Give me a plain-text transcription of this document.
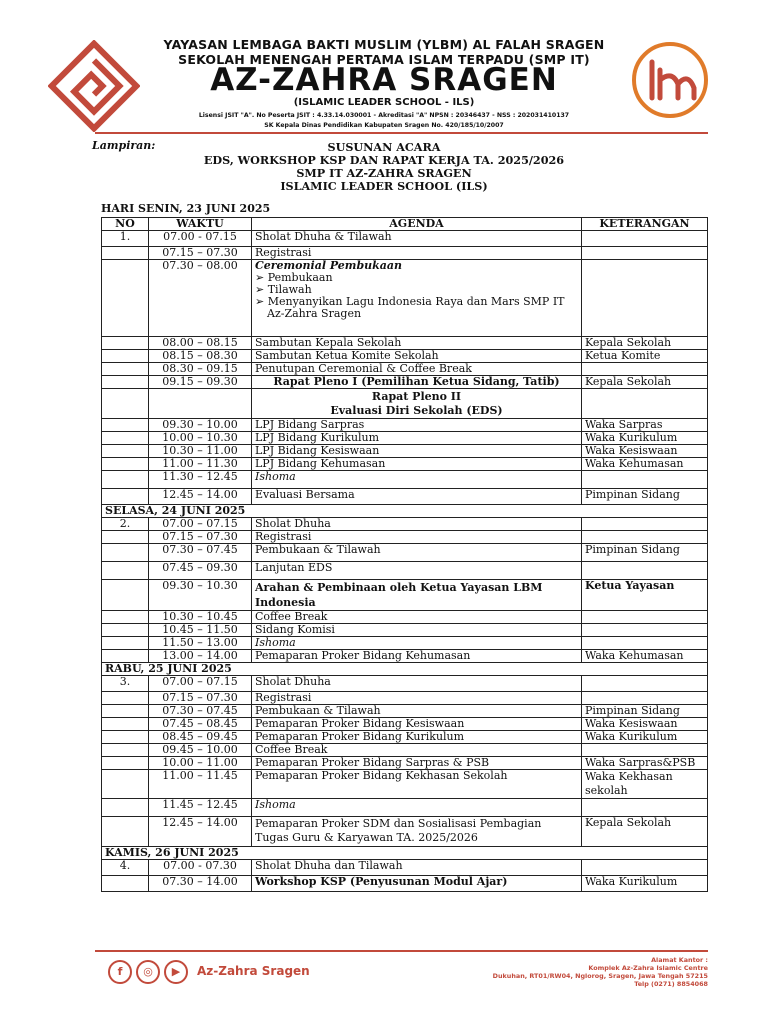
YAYASAN LEMBAGA BAKTI MUSLIM (YLBM) AL FALAH SRAGEN
SEKOLAH MENENGAH PERTAMA ISLAM TERPADU (SMP IT)
AZ-ZAHRA SRAGEN
(ISLAMIC LEADER SCHOOL - ILS)
Lisensi JSIT "A". No Peserta JSIT : 4.33.14.030001 - Akreditasi "A" NPSN : 20346437 - NSS : 202031410137
SK Kepala Dinas Pendidikan Kabupaten Sragen No. 420/185/10/2007
Lampiran:	SUSUNAN ACARA
EDS, WORKSHOP KSP DAN RAPAT KERJA TA. 2025/2026
SMP IT AZ-ZAHRA SRAGEN
ISLAMIC LEADER SCHOOL (ILS)
HARI SENIN, 23 JUNI 2025
NO	WAKTU	AGENDA	KETERANGAN
1.	07.00 - 07.15	Sholat Dhuha & Tilawah	
	07.15 – 07.30	Registrasi	
	07.30 – 08.00	Ceremonial Pembukaan
➢ Pembukaan
➢ Tilawah
➢ Menyanyikan Lagu Indonesia Raya dan Mars SMP IT Az-Zahra Sragen	

	08.00 – 08.15	Sambutan Kepala Sekolah	Kepala Sekolah
	08.15 – 08.30	Sambutan Ketua Komite Sekolah	Ketua Komite
	08.30 – 09.15	Penutupan Ceremonial & Coffee Break	
	09.15 – 09.30	Rapat Pleno I (Pemilihan Ketua Sidang, Tatib)	Kepala Sekolah

		Rapat Pleno II
Evaluasi Diri Sekolah (EDS)	

	09.30 – 10.00	LPJ Bidang Sarpras	Waka Sarpras
	10.00 – 10.30	LPJ Bidang Kurikulum	Waka Kurikulum
	10.30 – 11.00	LPJ Bidang Kesiswaan	Waka Kesiswaan
	11.00 – 11.30	LPJ Bidang Kehumasan	Waka Kehumasan
	11.30 – 12.45	Ishoma	
	12.45 – 14.00	Evaluasi Bersama	Pimpinan Sidang
SELASA, 24 JUNI 2025			
2.	07.00 – 07.15	Sholat Dhuha	
	07.15 – 07.30	Registrasi	
	07.30 – 07.45	Pembukaan & Tilawah	Pimpinan Sidang
	07.45 – 09.30	Lanjutan EDS	
	09.30 – 10.30	Arahan & Pembinaan oleh Ketua Yayasan LBM Indonesia	Ketua Yayasan
	10.30 – 10.45	Coffee Break	
	10.45 – 11.50	Sidang Komisi	
	11.50 – 13.00	Ishoma	
	13.00 – 14.00	Pemaparan Proker Bidang Kehumasan	Waka Kehumasan
RABU, 25 JUNI 2025			
3.	07.00 – 07.15	Sholat Dhuha	
	07.15 – 07.30	Registrasi	
	07.30 – 07.45	Pembukaan & Tilawah	Pimpinan Sidang
	07.45 – 08.45	Pemaparan Proker Bidang Kesiswaan	Waka Kesiswaan
	08.45 – 09.45	Pemaparan Proker Bidang Kurikulum	Waka Kurikulum
	09.45 – 10.00	Coffee Break	
	10.00 – 11.00	Pemaparan Proker Bidang Sarpras & PSB	Waka Sarpras&PSB
	11.00 – 11.45	Pemaparan Proker Bidang Kekhasan Sekolah	Waka Kekhasan sekolah
	11.45 – 12.45	Ishoma	
	12.45 – 14.00	Pemaparan Proker SDM dan Sosialisasi Pembagian Tugas Guru & Karyawan TA. 2025/2026	Kepala Sekolah
KAMIS, 26 JUNI 2025			
4.	07.00 - 07.30	Sholat Dhuha dan Tilawah	
	07.30 – 14.00	Workshop KSP (Penyusunan Modul Ajar)	Waka Kurikulum
f	◎	▶	Az-Zahra Sragen
Alamat Kantor :
Komplek Az-Zahra Islamic Centre
Dukuhan, RT01/RW04, Nglorog, Sragen, Jawa Tengah 57215
Telp (0271) 8854068
